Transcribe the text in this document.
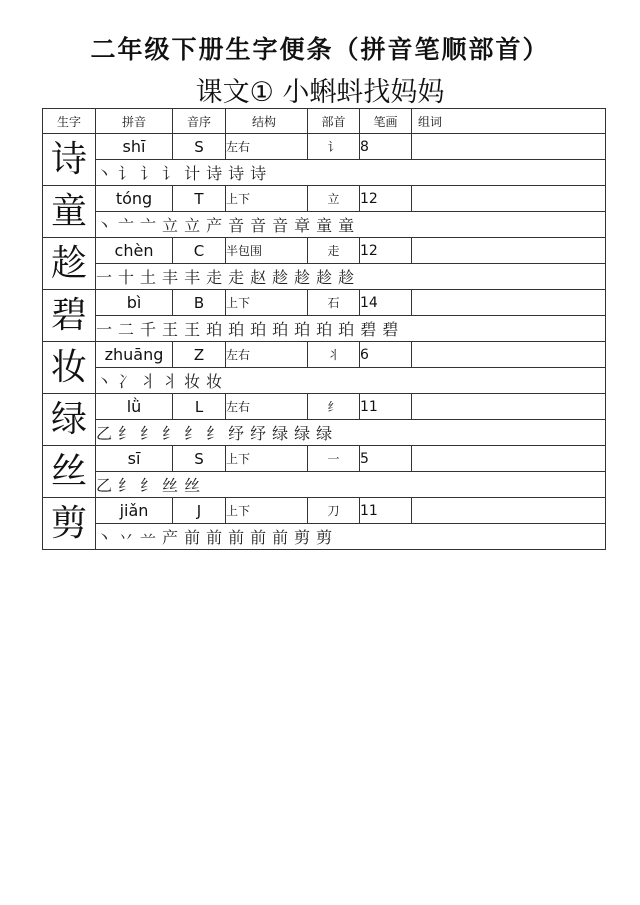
二年级下册生字便条（拼音笔顺部首）
课文① 小蝌蚪找妈妈
生字	拼音	音序	结构	部首	笔画	组词
诗	shī	S	左右	讠	8	
	丶 讠 讠 讠 计 诗 诗 诗					
童	tóng	T	上下	立	12	
	丶 亠 亠 立 立 产 音 音 音 章 童 童					
趁	chèn	C	半包围	走	12	
	一 十 土 丰 丰 走 走 赵 趁 趁 趁 趁					
碧	bì	B	上下	石	14	
	一 二 千 王 王 珀 珀 珀 珀 珀 珀 珀 碧 碧					
妆	zhuāng	Z	左右	丬	6	
	丶 冫 丬 丬 妆 妆					
绿	lǜ	L	左右	纟	11	
	乙 纟 纟 纟 纟 纟 纾 纾 绿 绿 绿					
丝	sī	S	上下	一	5	
	乙 纟 纟 丝 丝					
剪	jiǎn	J	上下	刀	11	
	丶 丷 䒑 产 前 前 前 前 前 剪 剪					
